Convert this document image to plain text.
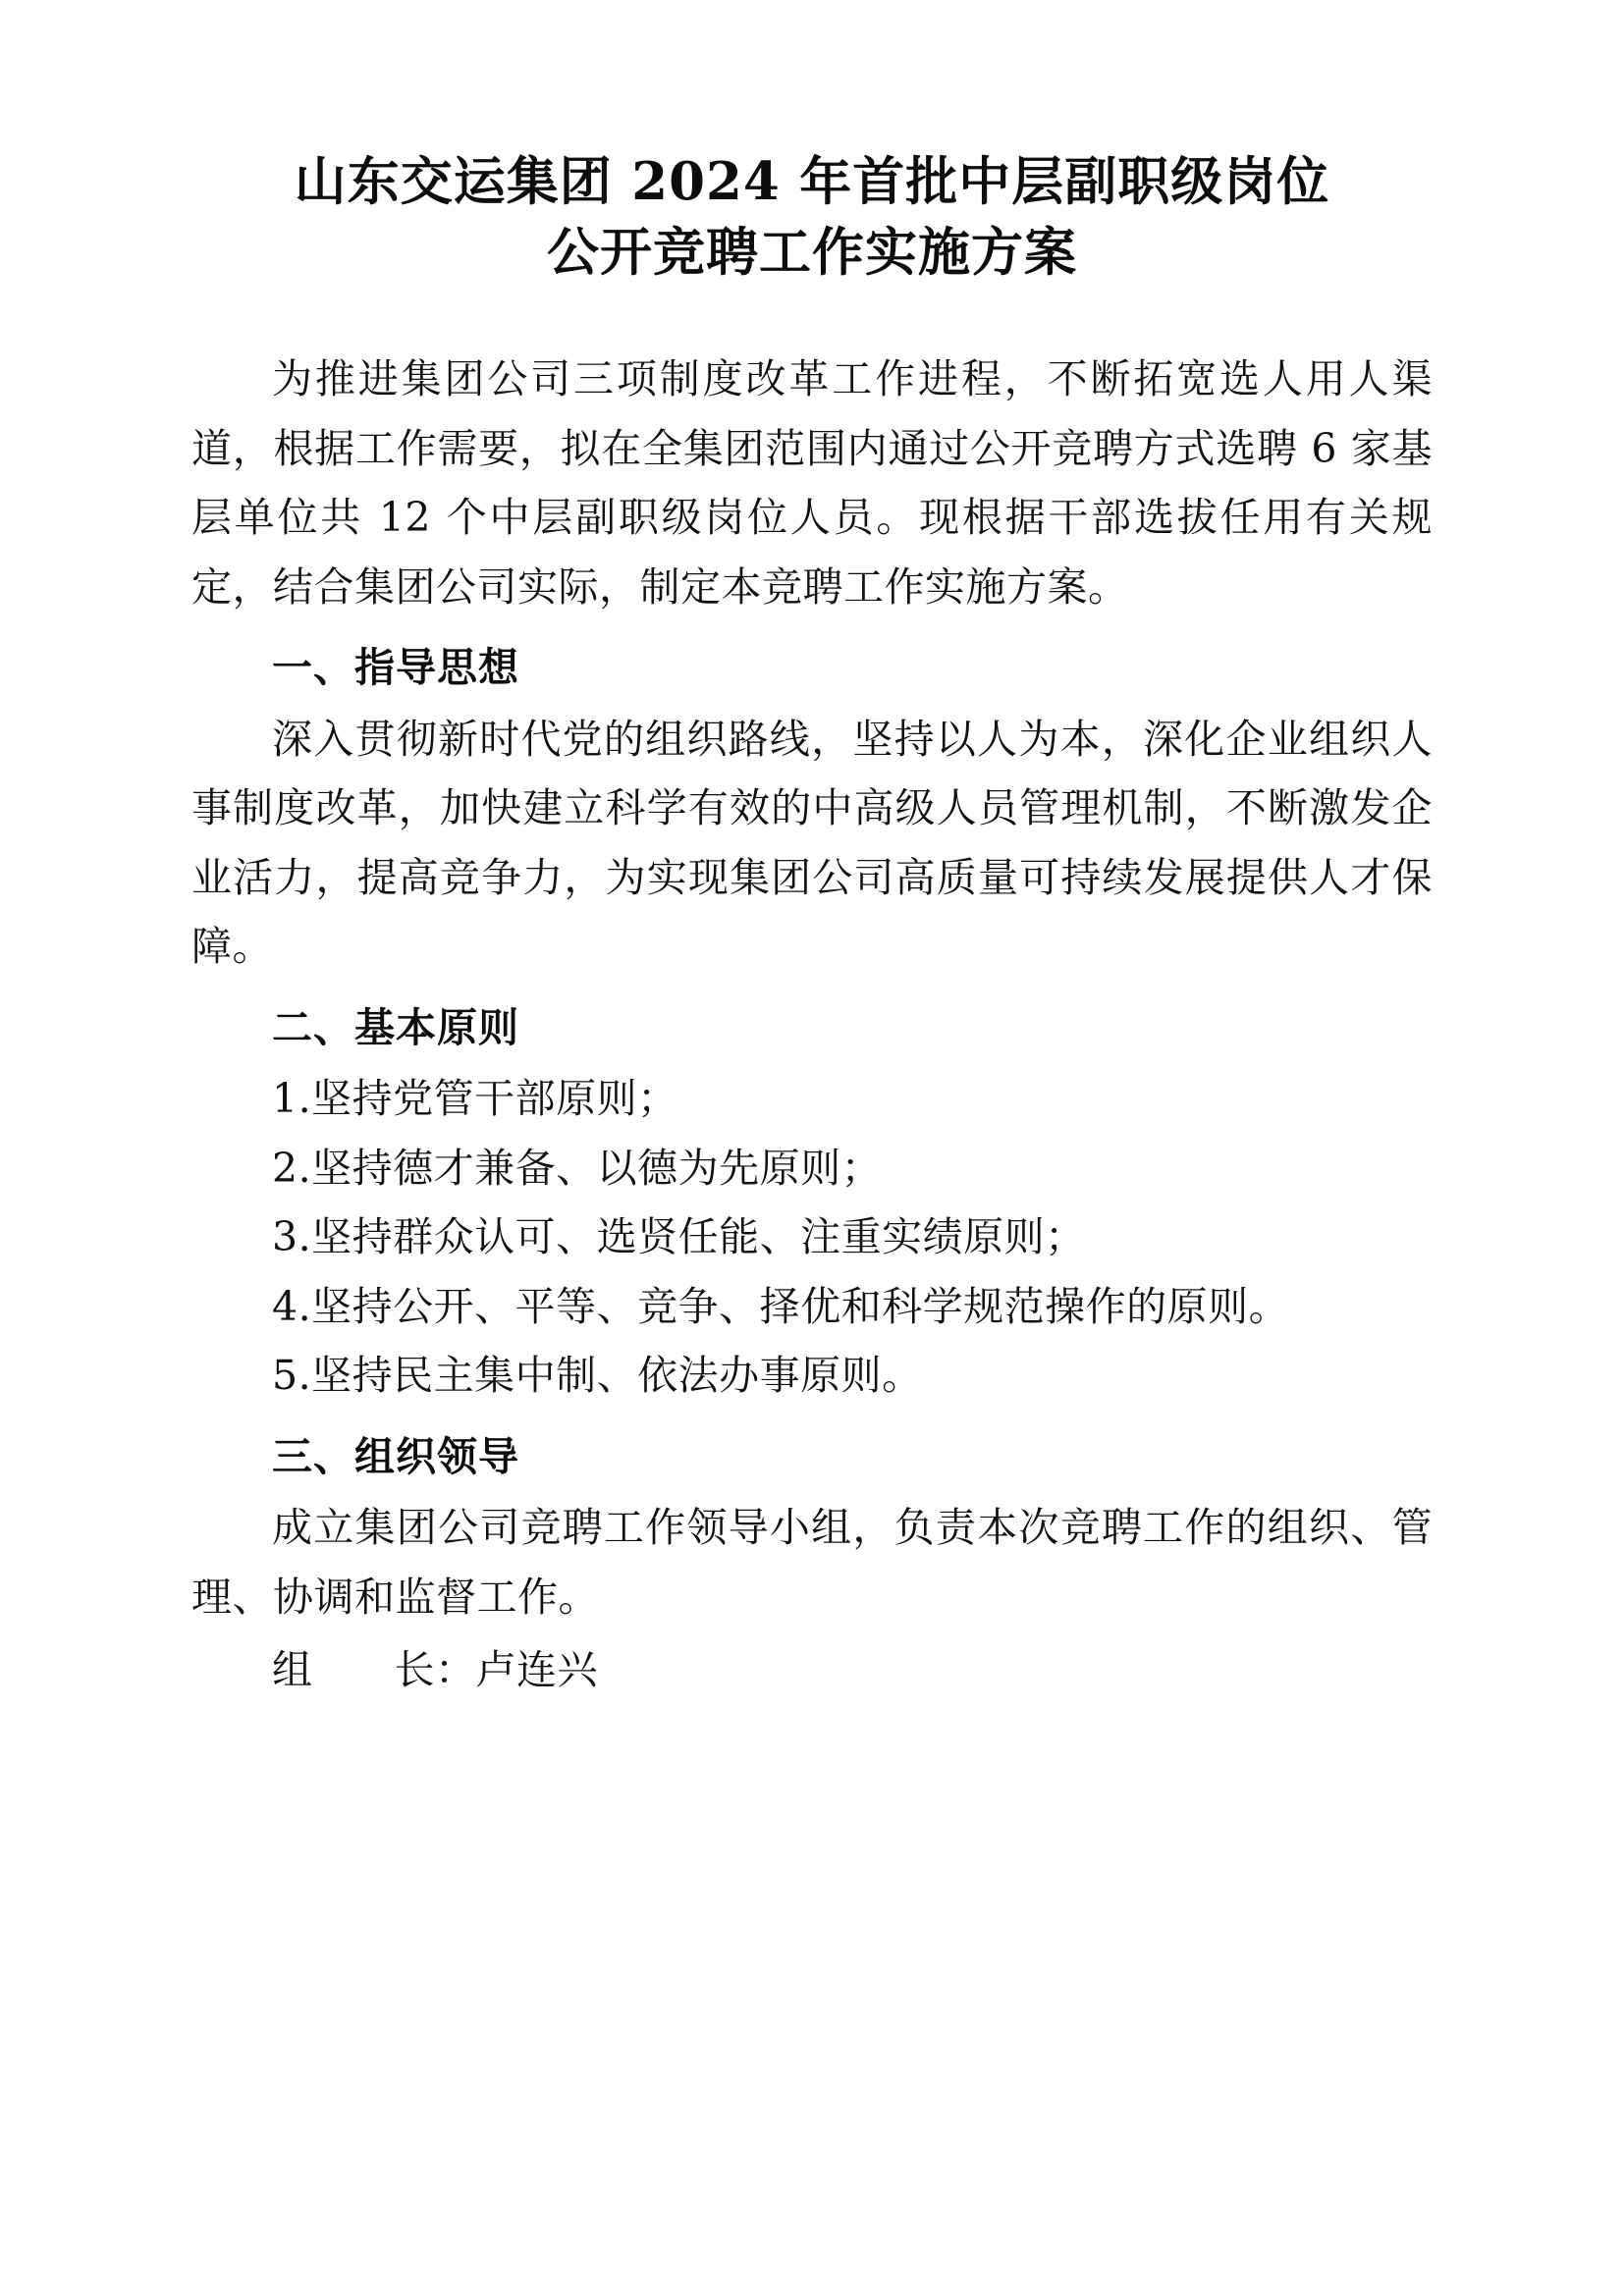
山东交运集团 2024 年首批中层副职级岗位
公开竞聘工作实施方案

为推进集团公司三项制度改革工作进程，不断拓宽选人用人渠道，根据工作需要，拟在全集团范围内通过公开竞聘方式选聘 6 家基层单位共 12 个中层副职级岗位人员。现根据干部选拔任用有关规定，结合集团公司实际，制定本竞聘工作实施方案。

一、指导思想

深入贯彻新时代党的组织路线，坚持以人为本，深化企业组织人事制度改革，加快建立科学有效的中高级人员管理机制，不断激发企业活力，提高竞争力，为实现集团公司高质量可持续发展提供人才保障。

二、基本原则

1.坚持党管干部原则；

2.坚持德才兼备、以德为先原则；

3.坚持群众认可、选贤任能、注重实绩原则；

4.坚持公开、平等、竞争、择优和科学规范操作的原则。

5.坚持民主集中制、依法办事原则。

三、组织领导

成立集团公司竞聘工作领导小组，负责本次竞聘工作的组织、管理、协调和监督工作。

组　　长：卢连兴
